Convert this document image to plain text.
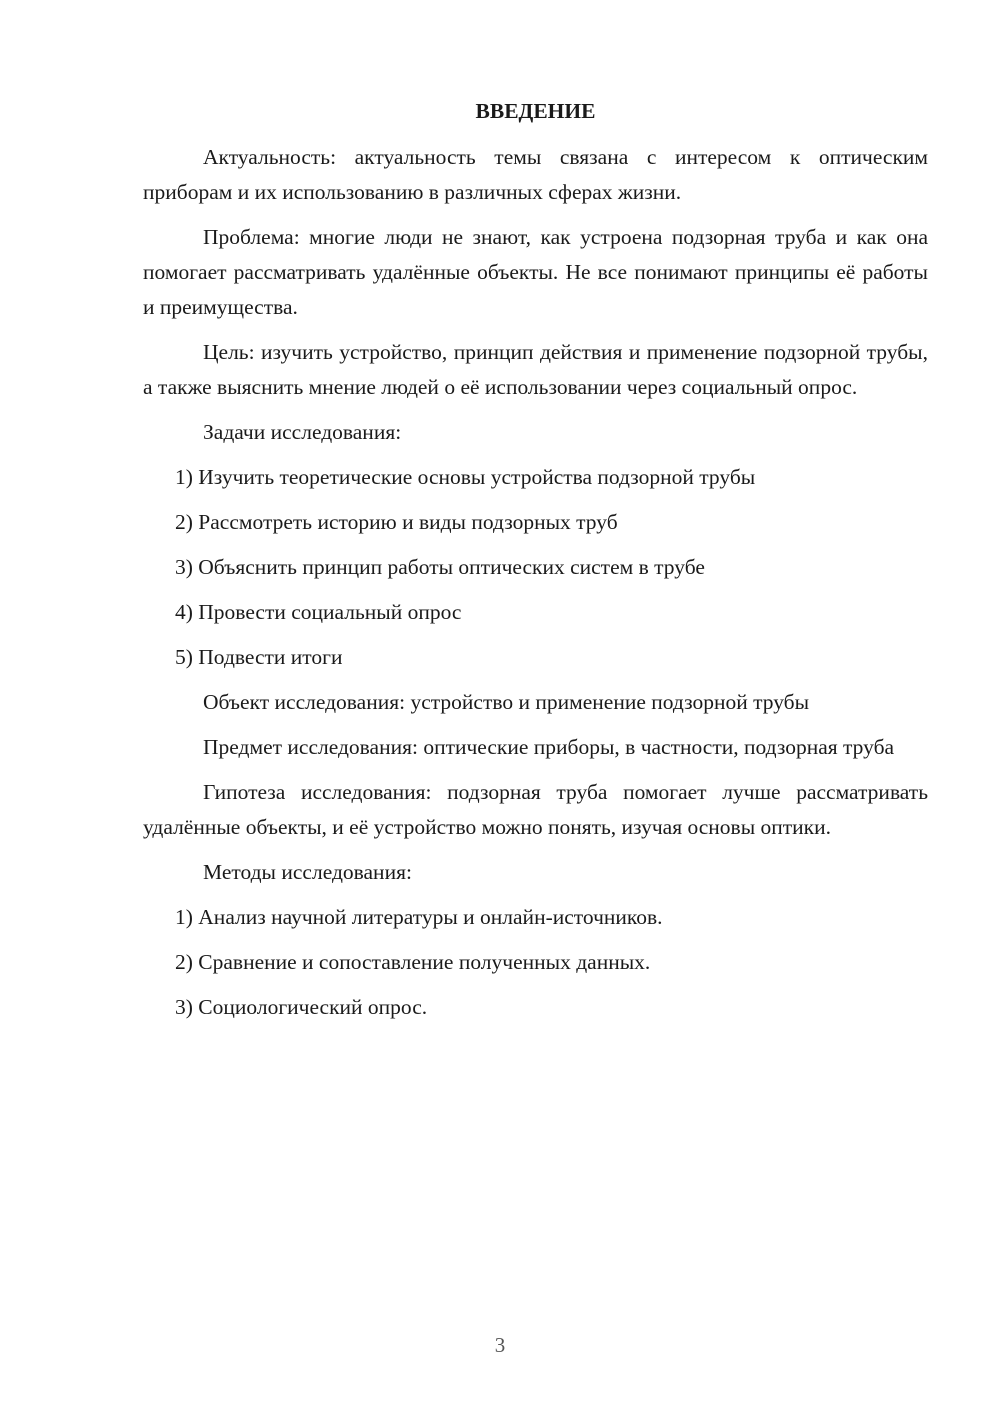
ВВЕДЕНИЕ

Актуальность: актуальность темы связана с интересом к оптическим приборам и их использованию в различных сферах жизни.

Проблема: многие люди не знают, как устроена подзорная труба и как она помогает рассматривать удалённые объекты. Не все понимают принципы её работы и преимущества.

Цель: изучить устройство, принцип действия и применение подзорной трубы, а также выяснить мнение людей о её использовании через социальный опрос.

Задачи исследования:

1) Изучить теоретические основы устройства подзорной трубы
2) Рассмотреть историю и виды подзорных труб
3) Объяснить принцип работы оптических систем в трубе
4) Провести социальный опрос
5) Подвести итоги

Объект исследования: устройство и применение подзорной трубы

Предмет исследования: оптические приборы, в частности, подзорная труба

Гипотеза исследования: подзорная труба помогает лучше рассматривать удалённые объекты, и её устройство можно понять, изучая основы оптики.

Методы исследования:

1) Анализ научной литературы и онлайн-источников.
2) Сравнение и сопоставление полученных данных.
3) Социологический опрос.
3
